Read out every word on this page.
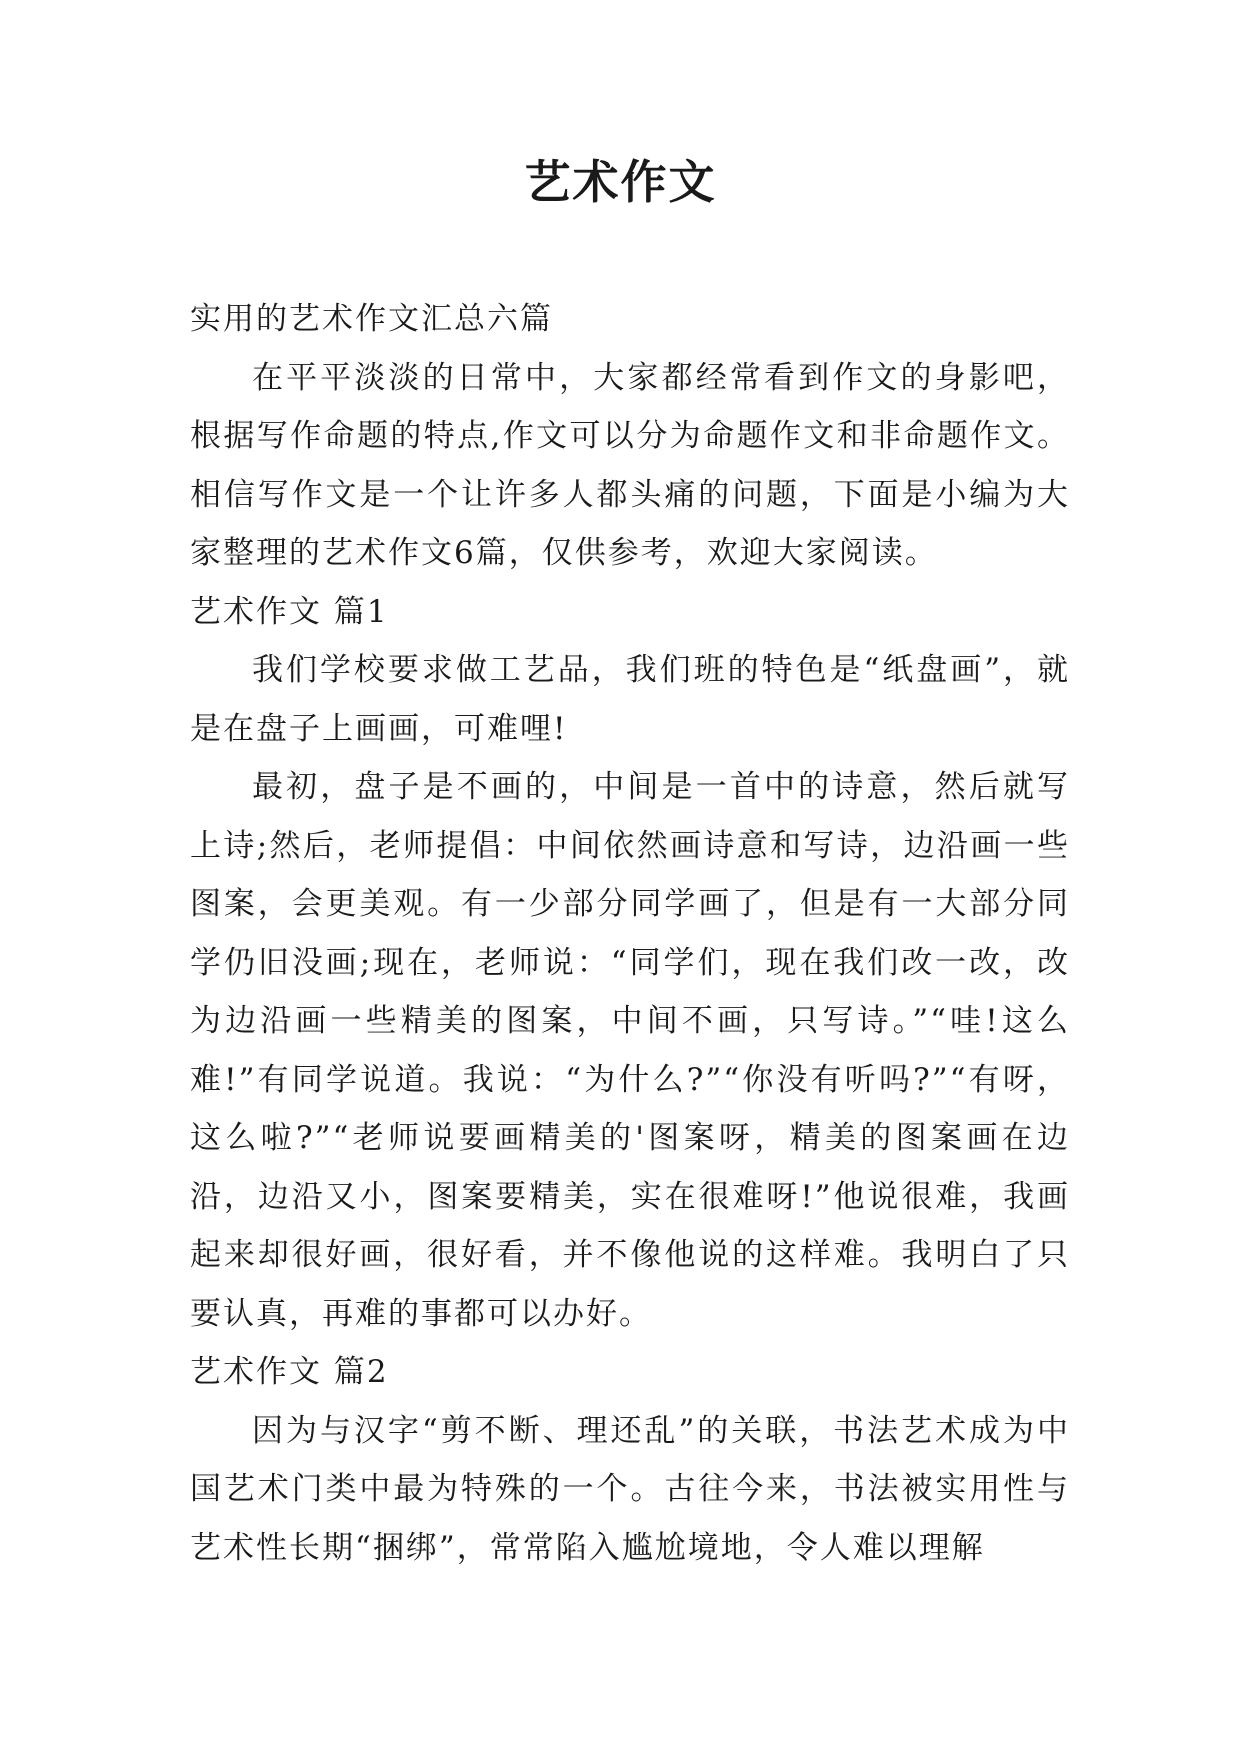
艺术作文

实用的艺术作文汇总六篇

在平平淡淡的日常中，大家都经常看到作文的身影吧，根据写作命题的特点,作文可以分为命题作文和非命题作文。相信写作文是一个让许多人都头痛的问题，下面是小编为大家整理的艺术作文6篇，仅供参考，欢迎大家阅读。

艺术作文 篇1

我们学校要求做工艺品，我们班的特色是“纸盘画”，就是在盘子上画画，可难哩!

最初，盘子是不画的，中间是一首中的诗意，然后就写上诗;然后，老师提倡：中间依然画诗意和写诗，边沿画一些图案，会更美观。有一少部分同学画了，但是有一大部分同学仍旧没画;现在，老师说：“同学们，现在我们改一改，改为边沿画一些精美的图案，中间不画，只写诗。”“哇!这么难!”有同学说道。我说：“为什么?”“你没有听吗?”“有呀，这么啦?”“老师说要画精美的'图案呀，精美的图案画在边沿，边沿又小，图案要精美，实在很难呀!”他说很难，我画起来却很好画，很好看，并不像他说的这样难。我明白了只要认真，再难的事都可以办好。

艺术作文 篇2

因为与汉字“剪不断、理还乱”的关联，书法艺术成为中国艺术门类中最为特殊的一个。古往今来，书法被实用性与艺术性长期“捆绑”，常常陷入尴尬境地，令人难以理解
